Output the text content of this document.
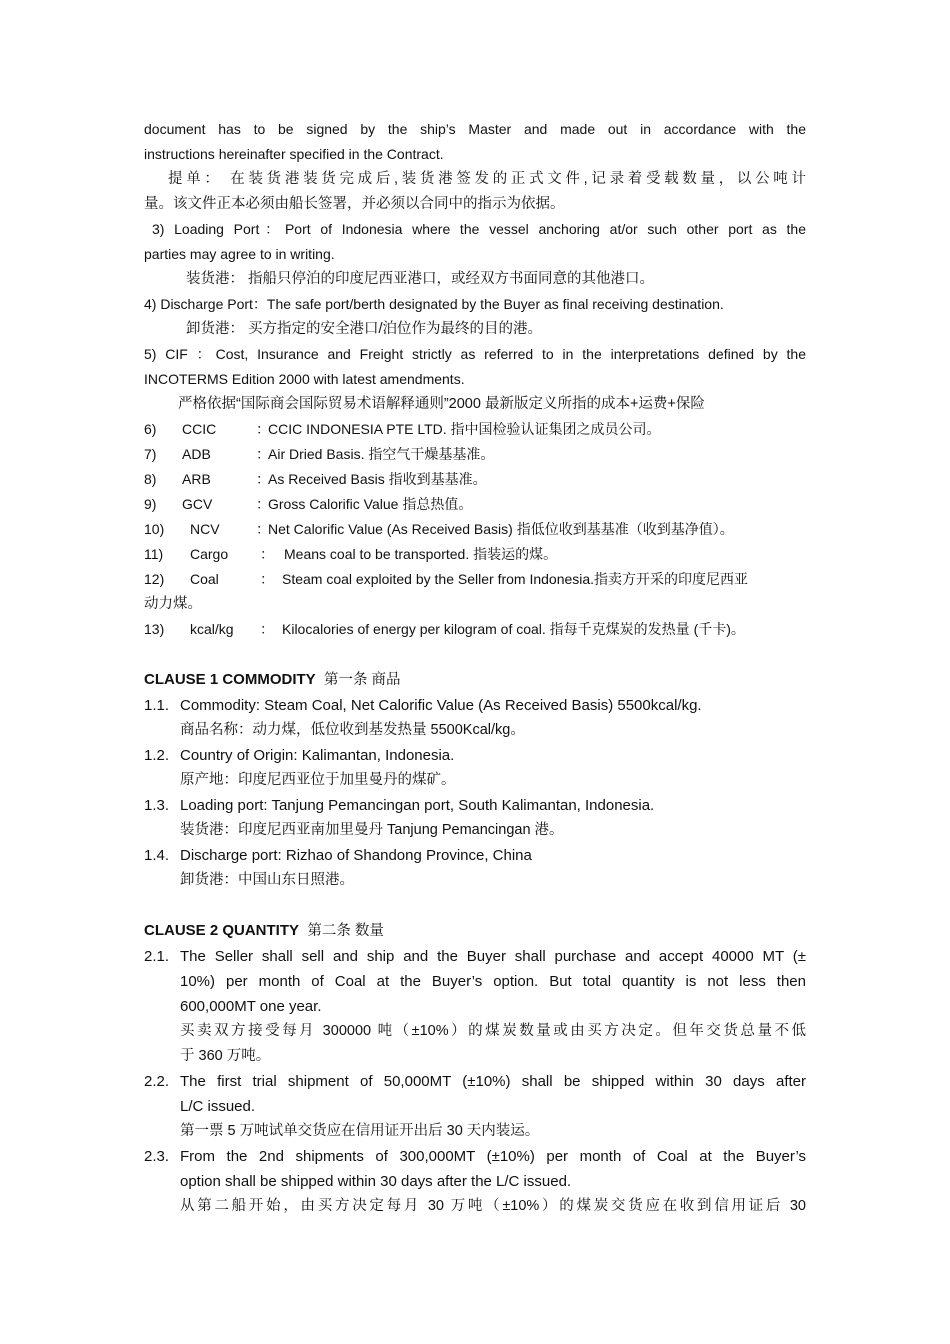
document has to be signed by the ship’s Master and made out in accordance with the
instructions hereinafter specified in the Contract.
提单： 在装货港装货完成后,装货港签发的正式文件,记录着受载数量，以公吨计
量。该文件正本必须由船长签署，并必须以合同中的指示为依据。
3) Loading Port：Port of Indonesia where the vessel anchoring at/or such other port as the
parties may agree to in writing.
装货港： 指船只停泊的印度尼西亚港口，或经双方书面同意的其他港口。
4) Discharge Port：The safe port/berth designated by the Buyer as final receiving destination.
卸货港： 买方指定的安全港口/泊位作为最终的目的港。
5) CIF ：Cost, Insurance and Freight strictly as referred to in the interpretations defined by the
INCOTERMS Edition 2000 with latest amendments.
严格依据“国际商会国际贸易术语解释通则”2000 最新版定义所指的成本+运费+保险
6) CCIC	：CCIC INDONESIA PTE LTD. 指中国检验认证集团之成员公司。
7) ADB	：Air Dried Basis. 指空气干燥基基准。
8) ARB	：As Received Basis 指收到基基准。
9) GCV	：Gross Calorific Value 指总热值。
10) NCV	：Net Calorific Value (As Received Basis) 指低位收到基基准（收到基净值）。
11) Cargo ： Means coal to be transported. 指装运的煤。
12) Coal	： Steam coal exploited by the Seller from Indonesia.指卖方开采的印度尼西亚
动力煤。
13) kcal/kg ： Kilocalories of energy per kilogram of coal. 指每千克煤炭的发热量 (千卡)。
CLAUSE 1 COMMODITY 第一条 商品
1.1. Commodity: Steam Coal, Net Calorific Value (As Received Basis) 5500kcal/kg.
商品名称：动力煤，低位收到基发热量 5500Kcal/kg。
1.2. Country of Origin: Kalimantan, Indonesia.
原产地：印度尼西亚位于加里曼丹的煤矿。
1.3. Loading port: Tanjung Pemancingan port, South Kalimantan, Indonesia.
装货港：印度尼西亚南加里曼丹 Tanjung Pemancingan 港。
1.4. Discharge port: Rizhao of Shandong Province, China
卸货港：中国山东日照港。
CLAUSE 2 QUANTITY 第二条 数量
2.1. The Seller shall sell and ship and the Buyer shall purchase and accept 40000 MT (±
10%) per month of Coal at the Buyer’s option. But total quantity is not less then
600,000MT one year.
买卖双方接受每月 300000 吨（±10%）的煤炭数量或由买方决定。但年交货总量不低
于 360 万吨。
2.2. The first trial shipment of 50,000MT (±10%) shall be shipped within 30 days after
L/C issued.
第一票 5 万吨试单交货应在信用证开出后 30 天内装运。
2.3. From the 2nd shipments of 300,000MT (±10%) per month of Coal at the Buyer’s
option shall be shipped within 30 days after the L/C issued.
从第二船开始，由买方决定每月 30 万吨（±10%）的煤炭交货应在收到信用证后 30
